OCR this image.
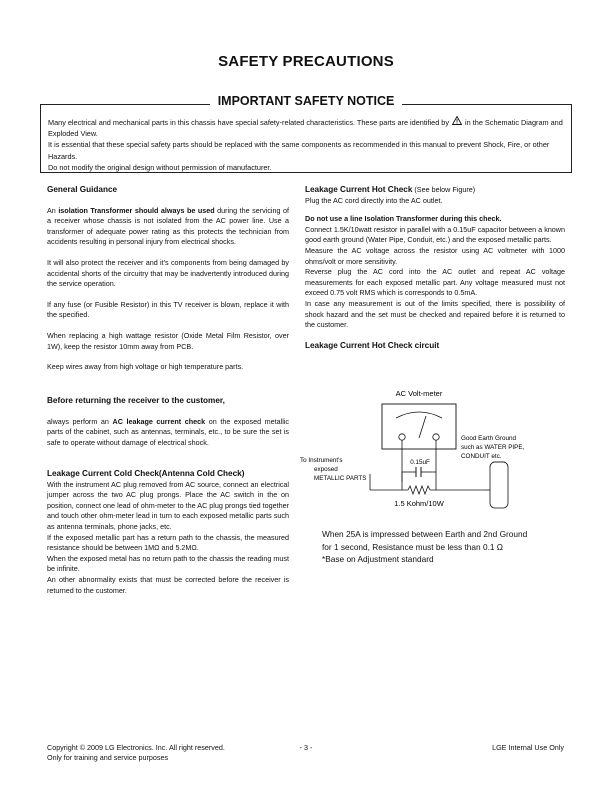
SAFETY PRECAUTIONS
IMPORTANT SAFETY NOTICE

Many electrical and mechanical parts in this chassis have special safety-related characteristics. These parts are identified by ! in the Schematic Diagram and Exploded View.

It is essential that these special safety parts should be replaced with the same components as recommended in this manual to prevent Shock, Fire, or other Hazards.

Do not modify the original design without permission of manufacturer.

General Guidance

An isolation Transformer should always be used during the servicing of a receiver whose chassis is not isolated from the AC power line. Use a transformer of adequate power rating as this protects the technician from accidents resulting in personal injury from electrical shocks.

It will also protect the receiver and it's components from being damaged by accidental shorts of the circuitry that may be inadvertently introduced during the service operation.

If any fuse (or Fusible Resistor) in this TV receiver is blown, replace it with the specified.

When replacing a high wattage resistor (Oxide Metal Film Resistor, over 1W), keep the resistor 10mm away from PCB.

Keep wires away from high voltage or high temperature parts.

Before returning the receiver to the customer,

always perform an AC leakage current check on the exposed metallic parts of the cabinet, such as antennas, terminals, etc., to be sure the set is safe to operate without damage of electrical shock.

Leakage Current Cold Check(Antenna Cold Check)

With the instrument AC plug removed from AC source, connect an electrical jumper across the two AC plug prongs. Place the AC switch in the on position, connect one lead of ohm-meter to the AC plug prongs tied together and touch other ohm-meter lead in turn to each exposed metallic parts such as antenna terminals, phone jacks, etc.

If the exposed metallic part has a return path to the chassis, the measured resistance should be between 1MΩ and 5.2MΩ.

When the exposed metal has no return path to the chassis the reading must be infinite.

An other abnormality exists that must be corrected before the receiver is returned to the customer.

Leakage Current Hot Check (See below Figure)

Plug the AC cord directly into the AC outlet.

Do not use a line Isolation Transformer during this check.

Connect 1.5K/10watt resistor in parallel with a 0.15uF capacitor between a known good earth ground (Water Pipe, Conduit, etc.) and the exposed metallic parts.

Measure the AC voltage across the resistor using AC voltmeter with 1000 ohms/volt or more sensitivity.

Reverse plug the AC cord into the AC outlet and repeat AC voltage measurements for each exposed metallic part. Any voltage measured must not exceed 0.75 volt RMS which is corresponds to 0.5mA.

In case any measurement is out of the limits specified, there is possibility of shock hazard and the set must be checked and repaired before it is returned to the customer.

Leakage Current Hot Check circuit

AC Volt-meter
0.15uF
1.5 Kohm/10W
To Instrument's
exposed
METALLIC PARTS
Good Earth Ground
such as WATER PIPE,
CONDUIT etc.

When 25A is impressed between Earth and 2nd Ground

for 1 second, Resistance must be less than 0.1 Ω

*Base on Adjustment standard

Copyright © 2009 LG Electronics. Inc. All right reserved.
Only for training and service purposes
- 3 -	LGE Internal Use Only
